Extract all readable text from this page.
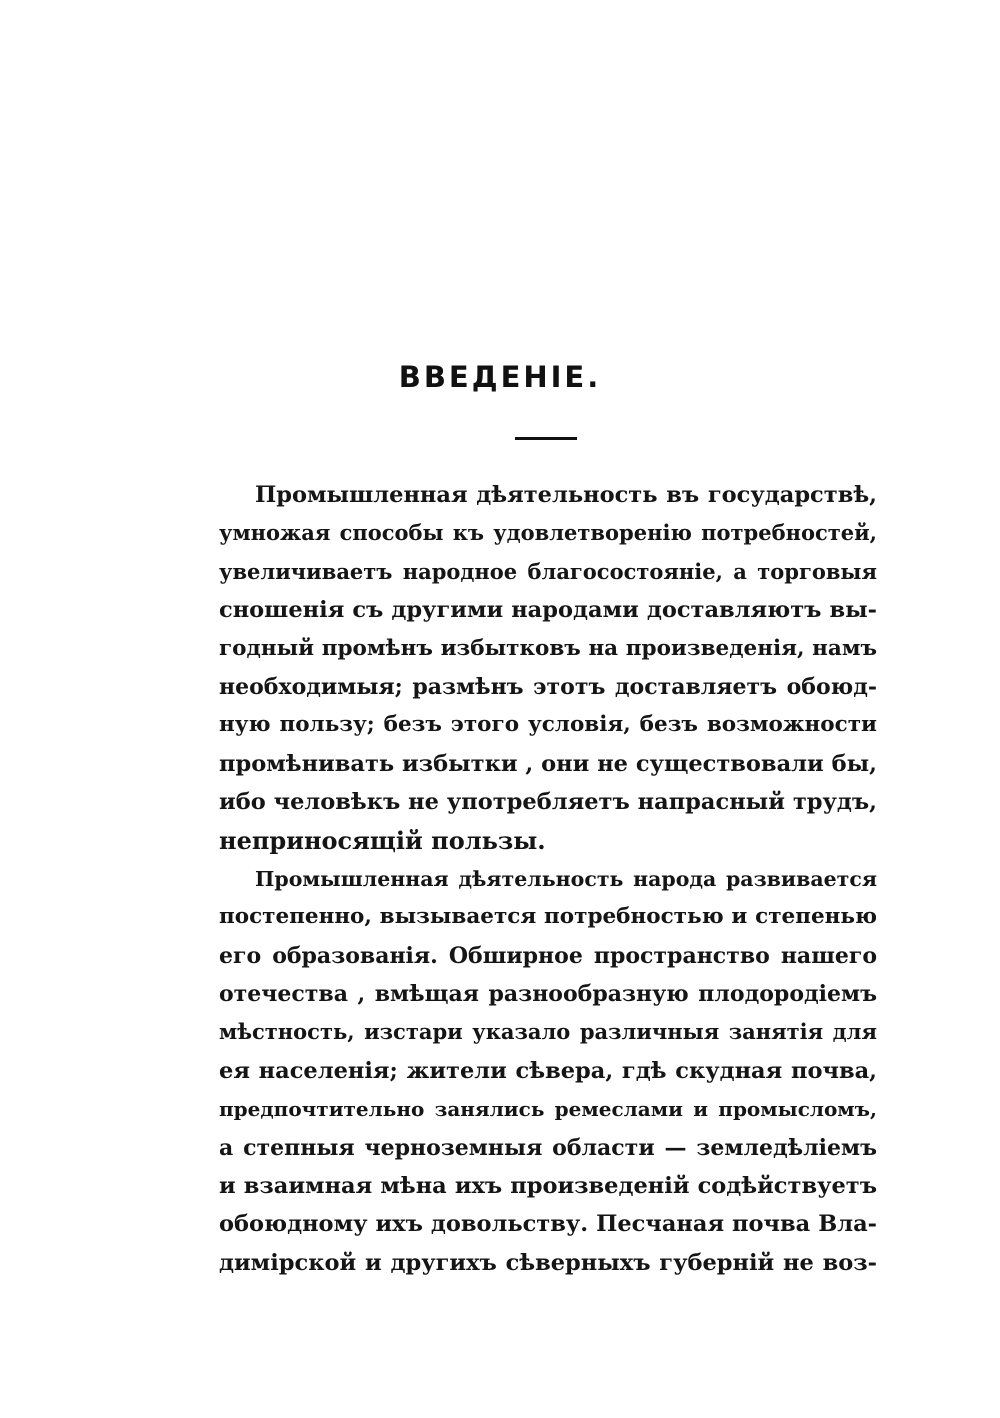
ВВЕДЕНІЕ.
Промышленная дѣятельность въ государствѣ,
умножая способы къ удовлетворенію потребностей,
увеличиваетъ народное благосостояніе, а торговыя
сношенія съ другими народами доставляютъ вы-
годный промѣнъ избытковъ на произведенія, намъ
необходимыя; размѣнъ этотъ доставляетъ обоюд-
ную пользу; безъ этого условія, безъ возможности
промѣнивать избытки , они не существовали бы,
ибо человѣкъ не употребляетъ напрасный трудъ,
неприносящій пользы.
Промышленная дѣятельность народа развивается
постепенно, вызывается потребностью и степенью
его образованія. Обширное пространство нашего
отечества , вмѣщая разнообразную плодородіемъ
мѣстность, изстари указало различныя занятія для
ея населенія; жители сѣвера, гдѣ скудная почва,
предпочтительно занялись ремеслами и промысломъ,
а степныя черноземныя области — земледѣліемъ
и взаимная мѣна ихъ произведеній содѣйствуетъ
обоюдному ихъ довольству. Песчаная почва Вла-
димірской и другихъ сѣверныхъ губерній не воз-
